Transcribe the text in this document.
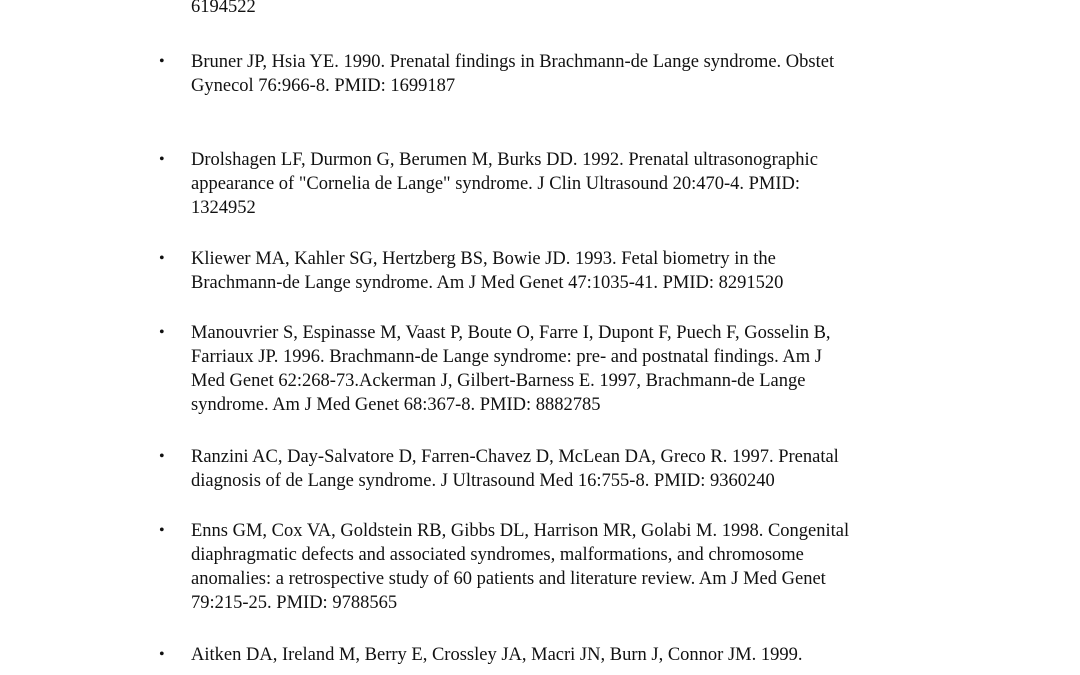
6194522
• Bruner JP, Hsia YE. 1990. Prenatal findings in Brachmann-de Lange syndrome. Obstet
Gynecol 76:966-8. PMID: 1699187
• Drolshagen LF, Durmon G, Berumen M, Burks DD. 1992. Prenatal ultrasonographic
appearance of "Cornelia de Lange" syndrome. J Clin Ultrasound 20:470-4. PMID:
1324952
• Kliewer MA, Kahler SG, Hertzberg BS, Bowie JD. 1993. Fetal biometry in the
Brachmann-de Lange syndrome. Am J Med Genet 47:1035-41. PMID: 8291520
• Manouvrier S, Espinasse M, Vaast P, Boute O, Farre I, Dupont F, Puech F, Gosselin B,
Farriaux JP. 1996. Brachmann-de Lange syndrome: pre- and postnatal findings. Am J
Med Genet 62:268-73.Ackerman J, Gilbert-Barness E. 1997, Brachmann-de Lange
syndrome. Am J Med Genet 68:367-8. PMID: 8882785
• Ranzini AC, Day-Salvatore D, Farren-Chavez D, McLean DA, Greco R. 1997. Prenatal
diagnosis of de Lange syndrome. J Ultrasound Med 16:755-8. PMID: 9360240
• Enns GM, Cox VA, Goldstein RB, Gibbs DL, Harrison MR, Golabi M. 1998. Congenital
diaphragmatic defects and associated syndromes, malformations, and chromosome
anomalies: a retrospective study of 60 patients and literature review. Am J Med Genet
79:215-25. PMID: 9788565
• Aitken DA, Ireland M, Berry E, Crossley JA, Macri JN, Burn J, Connor JM. 1999.
